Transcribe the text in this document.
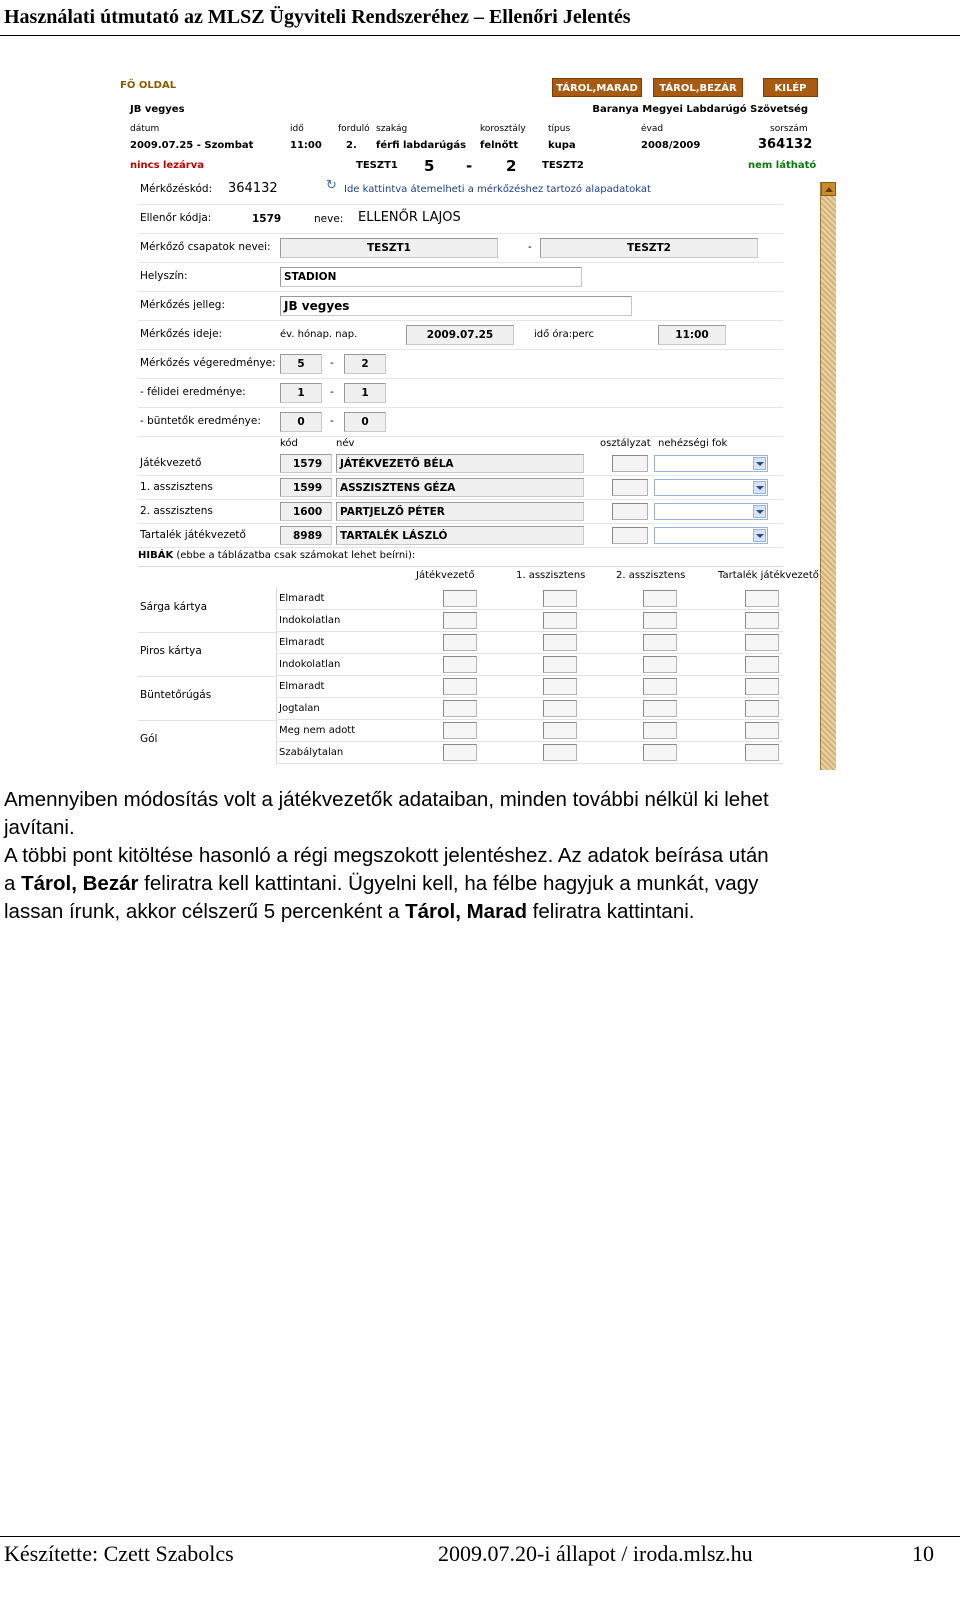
Használati útmutató az MLSZ Ügyviteli Rendszeréhez – Ellenőri Jelentés
FŐ OLDAL	TÁROL,MARAD	TÁROL,BEZÁR	KILÉP
JB vegyes	Baranya Megyei Labdarúgó Szövetség
dátum	idő	forduló szakág	korosztály típus	évad	sorszám
2009.07.25 - Szombat	11:00 2. férfi labdarúgás felnőtt	kupa	2008/2009	364132
nincs lezárva	TESZT1 5 - 2	TESZT2	nem látható
Mérkőzéskód: 364132	↻ Ide kattintva átemelheti a mérkőzéshez tartozó alapadatokat
Ellenőr kódja:	1579	neve: ELLENŐR LAJOS
Mérkőző csapatok nevei:	TESZT1	-	TESZT2
Helyszín:	STADION
Mérkőzés jelleg:	JB vegyes
Mérkőzés ideje:	év. hónap. nap.	2009.07.25	idő óra:perc	11:00
Mérkőzés végeredménye:	5	-	2
- félidei eredménye:	1	-	1
- büntetők eredménye:	0	-	0
kód	név	osztályzat nehézségi fok
Játékvezető	1579	JÁTÉKVEZETŐ BÉLA
1. asszisztens	1599	ASSZISZTENS GÉZA
2. asszisztens	1600	PARTJELZŐ PÉTER
Tartalék játékvezető	8989	TARTALÉK LÁSZLÓ
HIBÁK (ebbe a táblázatba csak számokat lehet beírni):
Játékvezető	1. asszisztens	2. asszisztens	Tartalék játékvezető
Sárga kártya
Elmaradt
Indokolatlan
Piros kártya
Elmaradt
Indokolatlan
Büntetőrúgás
Elmaradt
Jogtalan
Gól
Meg nem adott
Szabálytalan
Amennyiben módosítás volt a játékvezetők adataiban, minden további nélkül ki lehet
javítani.
A többi pont kitöltése hasonló a régi megszokott jelentéshez. Az adatok beírása után
a Tárol, Bezár feliratra kell kattintani. Ügyelni kell, ha félbe hagyjuk a munkát, vagy
lassan írunk, akkor célszerű 5 percenként a Tárol, Marad feliratra kattintani.
Készítette: Czett Szabolcs	2009.07.20-i állapot / iroda.mlsz.hu	10
